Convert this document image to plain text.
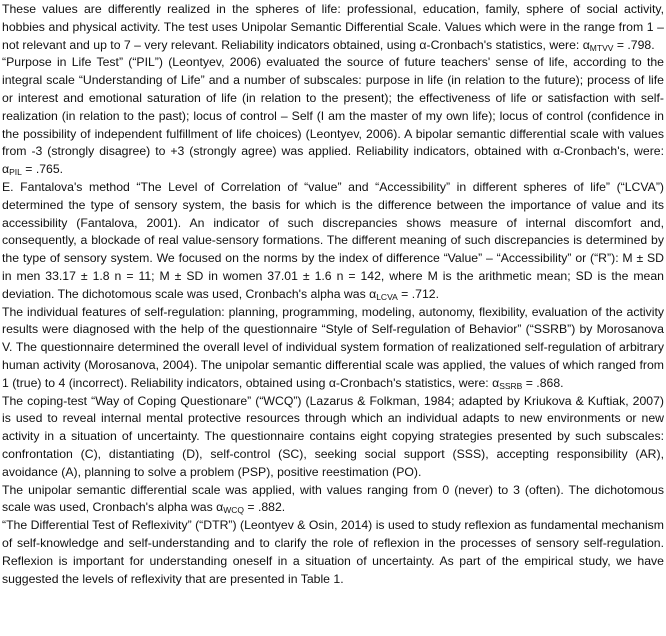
These values are differently realized in the spheres of life: professional, education, family, sphere of social activity, hobbies and physical activity. The test uses Unipolar Semantic Differential Scale. Values which were in the range from 1 – not relevant and up to 7 – very relevant. Reliability indicators obtained, using α-Cronbach's statistics, were: $\alpha_{MTVV} = .798$.

“Purpose in Life Test” (“PIL”) (Leontyev, 2006) evaluated the source of future teachers' sense of life, according to the integral scale “Understanding of Life” and a number of subscales: purpose in life (in relation to the future); process of life or interest and emotional saturation of life (in relation to the present); the effectiveness of life or satisfaction with self-realization (in relation to the past); locus of control – Self (I am the master of my own life); locus of control (confidence in the possibility of independent fulfillment of life choices) (Leontyev, 2006). A bipolar semantic differential scale with values from -3 (strongly disagree) to +3 (strongly agree) was applied. Reliability indicators, obtained with α-Cronbach's, were: $\alpha_{PIL} = .765$.

E. Fantalova's method “The Level of Correlation of “value” and “Accessibility” in different spheres of life” (“LCVA”) determined the type of sensory system, the basis for which is the difference between the importance of value and its accessibility (Fantalova, 2001). An indicator of such discrepancies shows measure of internal discomfort and, consequently, a blockade of real value-sensory formations. The different meaning of such discrepancies is determined by the type of sensory system. We focused on the norms by the index of difference “Value” – “Accessibility” or (“R”): M ± SD in men 33.17 ± 1.8 n = 11; M ± SD in women 37.01 ± 1.6 n = 142, where M is the arithmetic mean; SD is the mean deviation. The dichotomous scale was used, Cronbach's alpha was $\alpha_{LCVA} = .712$.

The individual features of self-regulation: planning, programming, modeling, autonomy, flexibility, evaluation of the activity results were diagnosed with the help of the questionnaire “Style of Self-regulation of Behavior” (“SSRB”) by Morosanova V. The questionnaire determined the overall level of individual system formation of realizationed self-regulation of arbitrary human activity (Morosanova, 2004). The unipolar semantic differential scale was applied, the values of which ranged from 1 (true) to 4 (incorrect). Reliability indicators, obtained using α-Cronbach's statistics, were: $\alpha_{SSRB} = .868$.

The coping-test “Way of Coping Questionare” (“WCQ”) (Lazarus & Folkman, 1984; adapted by Kriukova & Kuftiak, 2007) is used to reveal internal mental protective resources through which an individual adapts to new environments or new activity in a situation of uncertainty. The questionnaire contains eight copying strategies presented by such subscales: confrontation (C), distantiating (D), self-control (SC), seeking social support (SSS), accepting responsibility (AR), avoidance (A), planning to solve a problem (PSP), positive reestimation (PO).

The unipolar semantic differential scale was applied, with values ranging from 0 (never) to 3 (often). The dichotomous scale was used, Cronbach's alpha was $\alpha_{WCQ} = .882$.

“The Differential Test of Reflexivity” (“DTR”) (Leontyev & Osin, 2014) is used to study reflexion as fundamental mechanism of self-knowledge and self-understanding and to clarify the role of reflexion in the processes of sensory self-regulation. Reflexion is important for understanding oneself in a situation of uncertainty. As part of the empirical study, we have suggested the levels of reflexivity that are presented in Table 1.
